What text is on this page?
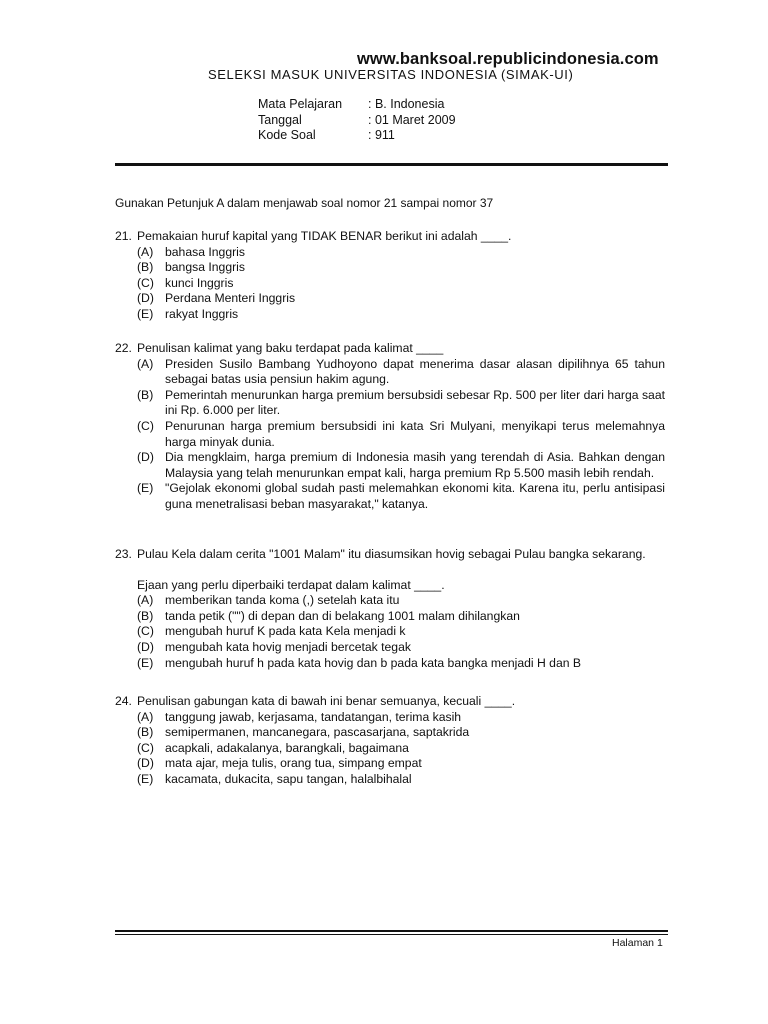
www.banksoal.republicindonesia.com
SELEKSI MASUK UNIVERSITAS INDONESIA (SIMAK-UI)
Mata Pelajaran	: B. Indonesia
Tanggal	: 01 Maret 2009
Kode Soal	: 911
Gunakan Petunjuk A dalam menjawab soal nomor 21 sampai nomor 37
21. Pemakaian huruf kapital yang TIDAK BENAR berikut ini adalah ____.
(A) bahasa Inggris
(B) bangsa Inggris
(C) kunci Inggris
(D) Perdana Menteri Inggris
(E) rakyat Inggris
22. Penulisan kalimat yang baku terdapat pada kalimat ____
(A) Presiden Susilo Bambang Yudhoyono dapat menerima dasar alasan dipilihnya 65 tahun sebagai batas usia pensiun hakim agung.
(B) Pemerintah menurunkan harga premium bersubsidi sebesar Rp. 500 per liter dari harga saat ini Rp. 6.000 per liter.
(C) Penurunan harga premium bersubsidi ini kata Sri Mulyani, menyikapi terus melemahnya harga minyak dunia.
(D) Dia mengklaim, harga premium di Indonesia masih yang terendah di Asia. Bahkan dengan Malaysia yang telah menurunkan empat kali, harga premium Rp 5.500 masih lebih rendah.
(E) "Gejolak ekonomi global sudah pasti melemahkan ekonomi kita. Karena itu, perlu antisipasi guna menetralisasi beban masyarakat," katanya.
23. Pulau Kela dalam cerita "1001 Malam" itu diasumsikan hovig sebagai Pulau bangka sekarang.
Ejaan yang perlu diperbaiki terdapat dalam kalimat ____.
(A) memberikan tanda koma (,) setelah kata itu
(B) tanda petik ("") di depan dan di belakang 1001 malam dihilangkan
(C) mengubah huruf K pada kata Kela menjadi k
(D) mengubah kata hovig menjadi bercetak tegak
(E) mengubah huruf h pada kata hovig dan b pada kata bangka menjadi H dan B
24. Penulisan gabungan kata di bawah ini benar semuanya, kecuali ____.
(A) tanggung jawab, kerjasama, tandatangan, terima kasih
(B) semipermanen, mancanegara, pascasarjana, saptakrida
(C) acapkali, adakalanya, barangkali, bagaimana
(D) mata ajar, meja tulis, orang tua, simpang empat
(E) kacamata, dukacita, sapu tangan, halalbihalal
Halaman 1
